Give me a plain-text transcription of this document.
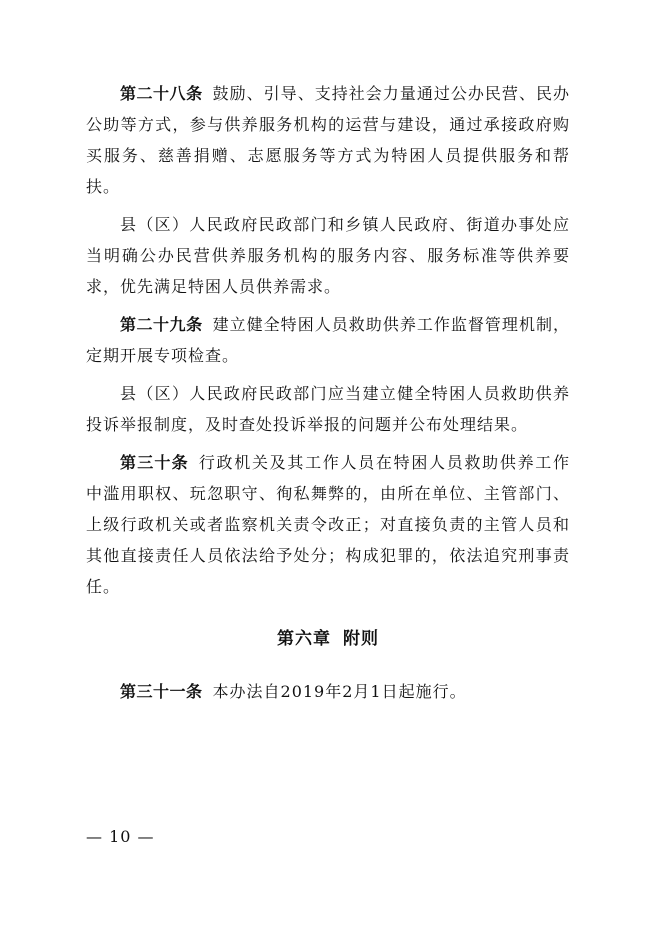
第二十八条 鼓励、引导、支持社会力量通过公办民营、民办公助等方式，参与供养服务机构的运营与建设，通过承接政府购买服务、慈善捐赠、志愿服务等方式为特困人员提供服务和帮扶。

县（区）人民政府民政部门和乡镇人民政府、街道办事处应当明确公办民营供养服务机构的服务内容、服务标准等供养要求，优先满足特困人员供养需求。

第二十九条 建立健全特困人员救助供养工作监督管理机制，定期开展专项检查。

县（区）人民政府民政部门应当建立健全特困人员救助供养投诉举报制度，及时查处投诉举报的问题并公布处理结果。

第三十条 行政机关及其工作人员在特困人员救助供养工作中滥用职权、玩忽职守、徇私舞弊的，由所在单位、主管部门、上级行政机关或者监察机关责令改正；对直接负责的主管人员和其他直接责任人员依法给予处分；构成犯罪的，依法追究刑事责任。

第六章 附则

第三十一条 本办法自2019年2月1日起施行。

— 10 —
